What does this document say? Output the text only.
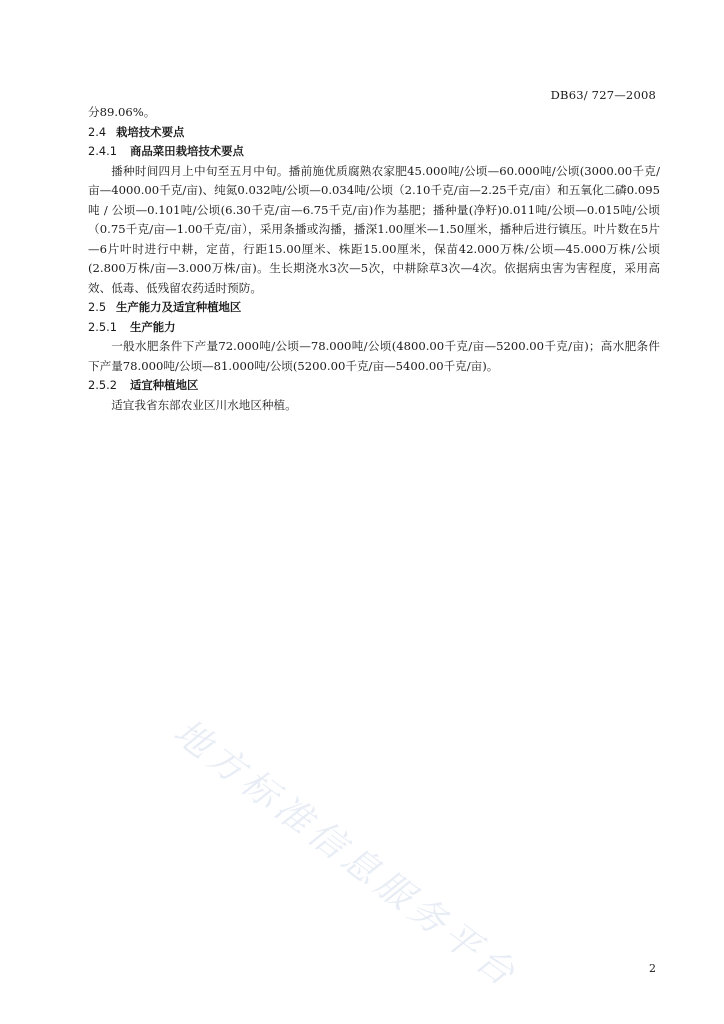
DB63/ 727—2008

分89.06%。

2.4 栽培技术要点

2.4.1 商品菜田栽培技术要点

播种时间四月上中旬至五月中旬。播前施优质腐熟农家肥45.000吨/公顷—60.000吨/公顷(3000.00千克/亩—4000.00千克/亩)、纯氮0.032吨/公顷—0.034吨/公顷（2.10千克/亩—2.25千克/亩）和五氧化二磷0.095吨 / 公顷—0.101吨/公顷(6.30千克/亩—6.75千克/亩)作为基肥；播种量(净籽)0.011吨/公顷—0.015吨/公顷（0.75千克/亩—1.00千克/亩），采用条播或沟播，播深1.00厘米—1.50厘米，播种后进行镇压。叶片数在5片—6片叶时进行中耕，定苗，行距15.00厘米、株距15.00厘米，保苗42.000万株/公顷—45.000万株/公顷(2.800万株/亩—3.000万株/亩)。生长期浇水3次—5次，中耕除草3次—4次。依据病虫害为害程度，采用高效、低毒、低残留农药适时预防。

2.5 生产能力及适宜种植地区

2.5.1 生产能力

一般水肥条件下产量72.000吨/公顷—78.000吨/公顷(4800.00千克/亩—5200.00千克/亩)；高水肥条件下产量78.000吨/公顷—81.000吨/公顷(5200.00千克/亩—5400.00千克/亩)。

2.5.2 适宜种植地区

适宜我省东部农业区川水地区种植。

地方标准信息服务平台	2
